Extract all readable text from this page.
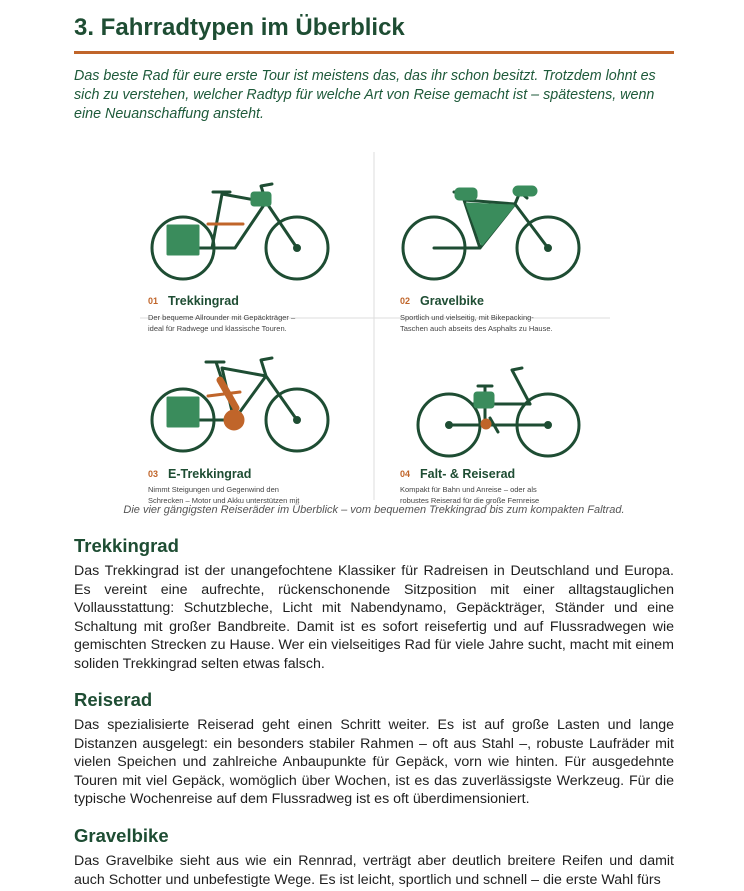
3. Fahrradtypen im Überblick

Das beste Rad für eure erste Tour ist meistens das, das ihr schon besitzt. Trotzdem lohnt es sich zu verstehen, welcher Radtyp für welche Art von Reise gemacht ist – spätestens, wenn eine Neuanschaffung ansteht.

01 Trekkingrad
Der bequeme Allrounder mit Gepäckträger –
ideal für Radwege und klassische Touren.
02 Gravelbike
Sportlich und vielseitig, mit Bikepacking-
Taschen auch abseits des Asphalts zu Hause.
03 E-Trekkingrad
Nimmt Steigungen und Gegenwind den
Schrecken – Motor und Akku unterstützen mit
04 Falt- & Reiserad
Kompakt für Bahn und Anreise – oder als
robustes Reiserad für die große Fernreise
Die vier gängigsten Reiseräder im Überblick – vom bequemen Trekkingrad bis zum kompakten Faltrad.
Trekkingrad

Das Trekkingrad ist der unangefochtene Klassiker für Radreisen in Deutschland und Europa. Es vereint eine aufrechte, rückenschonende Sitzposition mit einer alltagstauglichen Vollausstattung: Schutzbleche, Licht mit Nabendynamo, Gepäckträger, Ständer und eine Schaltung mit großer Bandbreite. Damit ist es sofort reisefertig und auf Flussradwegen wie gemischten Strecken zu Hause. Wer ein vielseitiges Rad für viele Jahre sucht, macht mit einem soliden Trekkingrad selten etwas falsch.

Reiserad

Das spezialisierte Reiserad geht einen Schritt weiter. Es ist auf große Lasten und lange Distanzen ausgelegt: ein besonders stabiler Rahmen – oft aus Stahl –, robuste Laufräder mit vielen Speichen und zahlreiche Anbaupunkte für Gepäck, vorn wie hinten. Für ausgedehnte Touren mit viel Gepäck, womöglich über Wochen, ist es das zuverlässigste Werkzeug. Für die typische Wochenreise auf dem Flussradweg ist es oft überdimensioniert.

Gravelbike

Das Gravelbike sieht aus wie ein Rennrad, verträgt aber deutlich breitere Reifen und damit auch Schotter und unbefestigte Wege. Es ist leicht, sportlich und schnell – die erste Wahl fürs
